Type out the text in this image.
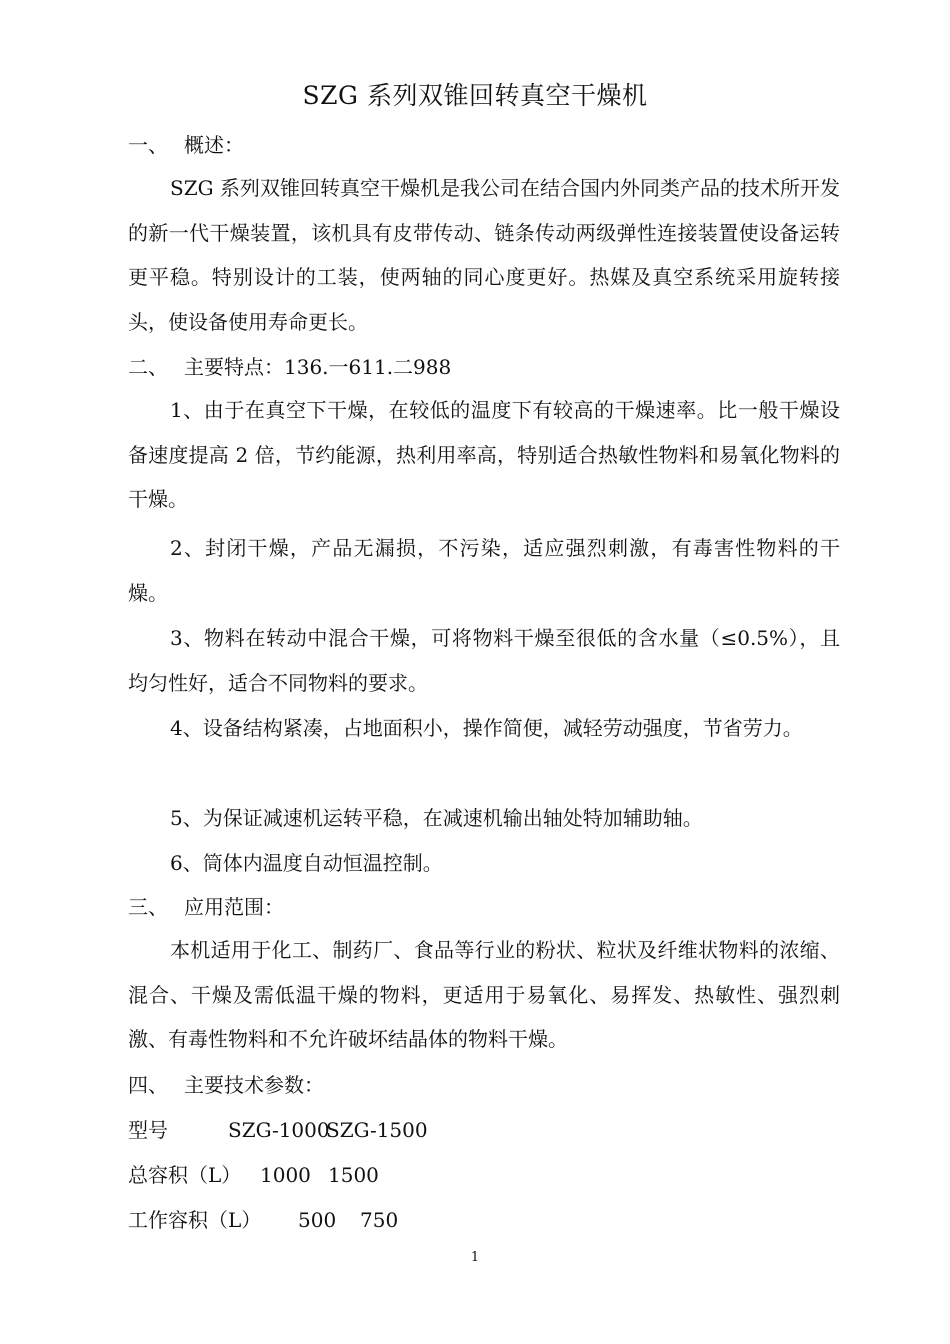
SZG 系列双锥回转真空干燥机
一、 概述：
SZG 系列双锥回转真空干燥机是我公司在结合国内外同类产品的技术所开发的新一代干燥装置，该机具有皮带传动、链条传动两级弹性连接装置使设备运转更平稳。特别设计的工装，使两轴的同心度更好。热媒及真空系统采用旋转接头，使设备使用寿命更长。
二、 主要特点：136.一611.二988
1、由于在真空下干燥，在较低的温度下有较高的干燥速率。比一般干燥设备速度提高 2 倍，节约能源，热利用率高，特别适合热敏性物料和易氧化物料的干燥。
2、封闭干燥，产品无漏损，不污染，适应强烈刺激，有毒害性物料的干燥。
3、物料在转动中混合干燥，可将物料干燥至很低的含水量（≤0.5%），且均匀性好，适合不同物料的要求。
4、设备结构紧凑，占地面积小，操作简便，减轻劳动强度，节省劳力。
5、为保证减速机运转平稳，在减速机输出轴处特加辅助轴。
6、筒体内温度自动恒温控制。
三、 应用范围：
本机适用于化工、制药厂、食品等行业的粉状、粒状及纤维状物料的浓缩、混合、干燥及需低温干燥的物料，更适用于易氧化、易挥发、热敏性、强烈刺激、有毒性物料和不允许破坏结晶体的物料干燥。
四、 主要技术参数：
型号	SZG-1000SZG-1500
总容积（L） 1000 1500
工作容积（L） 500 750
1
